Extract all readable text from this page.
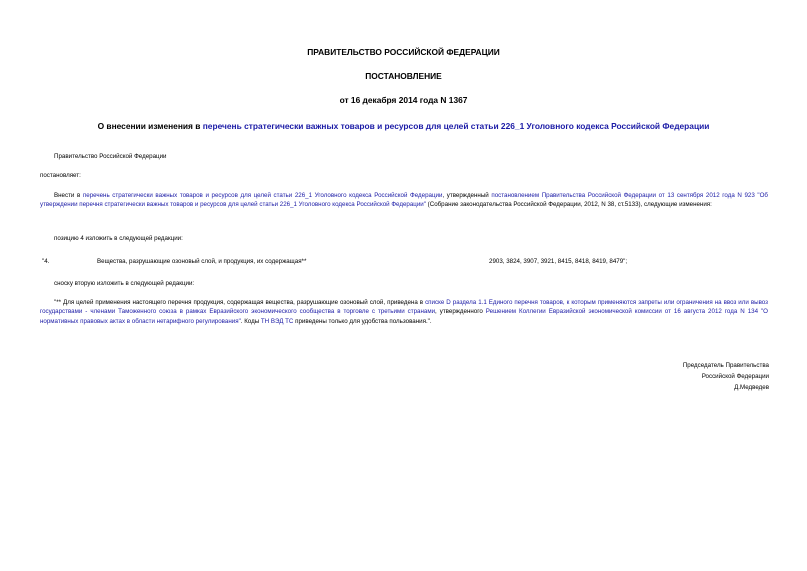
ПРАВИТЕЛЬСТВО РОССИЙСКОЙ ФЕДЕРАЦИИ
ПОСТАНОВЛЕНИЕ
от 16 декабря 2014 года N 1367
О внесении изменения в перечень стратегически важных товаров и ресурсов для целей статьи 226_1 Уголовного кодекса Российской Федерации
Правительство Российской Федерации
постановляет:
Внести в перечень стратегически важных товаров и ресурсов для целей статьи 226_1 Уголовного кодекса Российской Федерации, утвержденный постановлением Правительства Российской Федерации от 13 сентября 2012 года N 923 "Об утверждении перечня стратегически важных товаров и ресурсов для целей статьи 226_1 Уголовного кодекса Российской Федерации" (Собрание законодательства Российской Федерации, 2012, N 38, ст.5133), следующие изменения:
позицию 4 изложить в следующей редакции:
"4.	Вещества, разрушающие озоновый слой, и продукция, их содержащая**	2903, 3824, 3907, 3921, 8415, 8418, 8419, 8479";
сноску вторую изложить в следующей редакции:
"** Для целей применения настоящего перечня продукция, содержащая вещества, разрушающие озоновый слой, приведена в списке D раздела 1.1 Единого перечня товаров, к которым применяются запреты или ограничения на ввоз или вывоз государствами - членами Таможенного союза в рамках Евразийского экономического сообщества в торговле с третьими странами, утвержденного Решением Коллегии Евразийской экономической комиссии от 16 августа 2012 года N 134 "О нормативных правовых актах в области нетарифного регулирования". Коды ТН ВЭД ТС приведены только для удобства пользования.".
Председатель Правительства
Российской Федерации
Д.Медведев
